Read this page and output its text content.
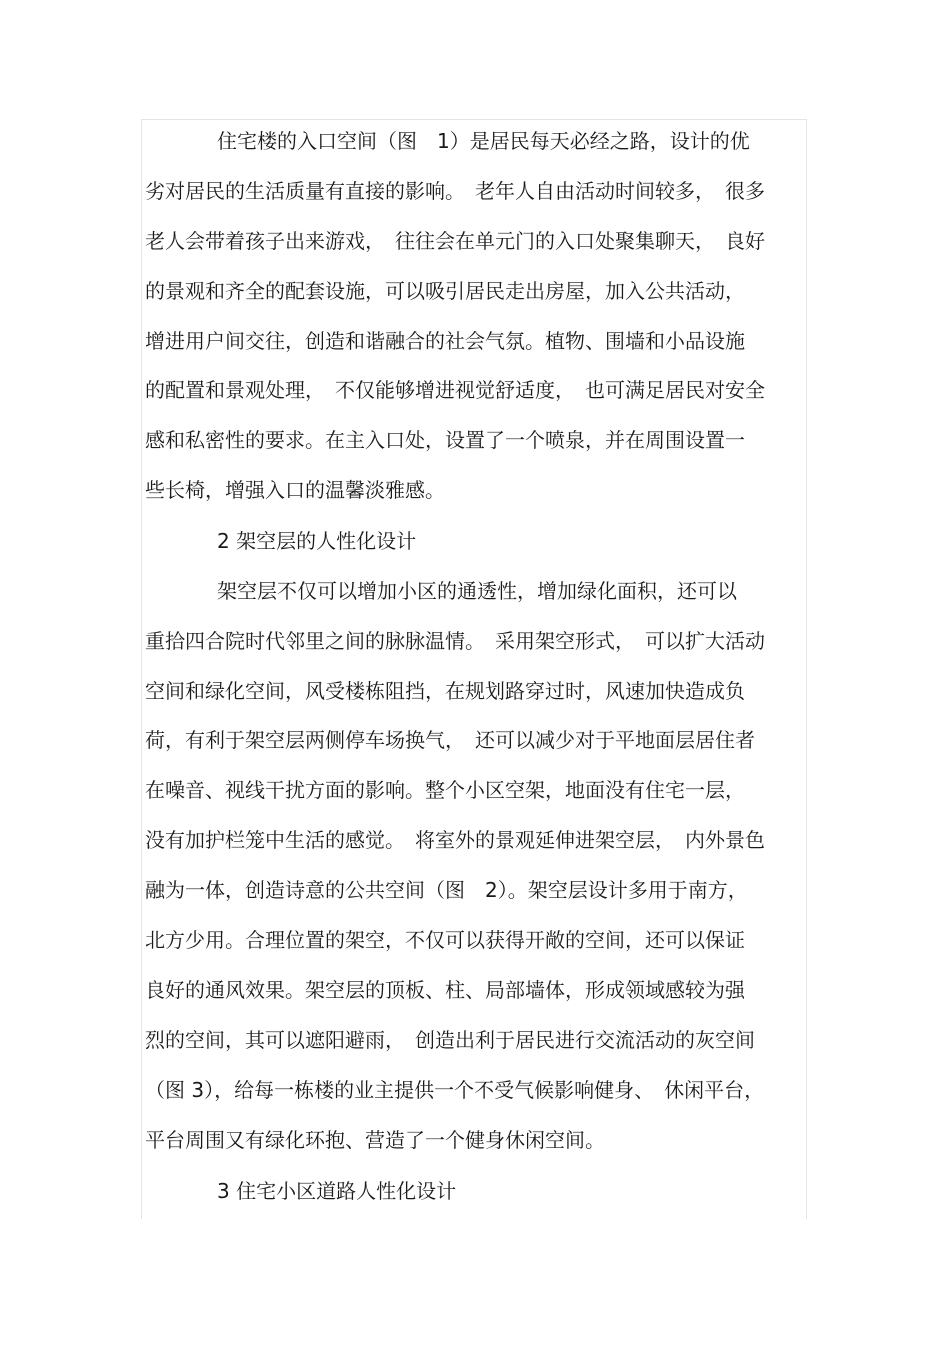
住宅楼的入口空间（图　1）是居民每天必经之路，设计的优
劣对居民的生活质量有直接的影响。　老年人自由活动时间较多，　很多
老人会带着孩子出来游戏，　往往会在单元门的入口处聚集聊天，　良好
的景观和齐全的配套设施，可以吸引居民走出房屋，加入公共活动，
增进用户间交往，创造和谐融合的社会气氛。植物、围墙和小品设施
的配置和景观处理，　不仅能够增进视觉舒适度，　也可满足居民对安全
感和私密性的要求。在主入口处，设置了一个喷泉，并在周围设置一
些长椅，增强入口的温馨淡雅感。
2 架空层的人性化设计
架空层不仅可以增加小区的通透性，增加绿化面积，还可以
重拾四合院时代邻里之间的脉脉温情。　采用架空形式，　可以扩大活动
空间和绿化空间，风受楼栋阻挡，在规划路穿过时，风速加快造成负
荷，有利于架空层两侧停车场换气，　还可以减少对于平地面层居住者
在噪音、视线干扰方面的影响。整个小区空架，地面没有住宅一层，
没有加护栏笼中生活的感觉。　将室外的景观延伸进架空层，　内外景色
融为一体，创造诗意的公共空间（图　2）。架空层设计多用于南方，
北方少用。合理位置的架空，不仅可以获得开敞的空间，还可以保证
良好的通风效果。架空层的顶板、柱、局部墙体，形成领域感较为强
烈的空间，其可以遮阳避雨，　创造出利于居民进行交流活动的灰空间
（图 3），给每一栋楼的业主提供一个不受气候影响健身、　休闲平台，
平台周围又有绿化环抱、营造了一个健身休闲空间。
3 住宅小区道路人性化设计
